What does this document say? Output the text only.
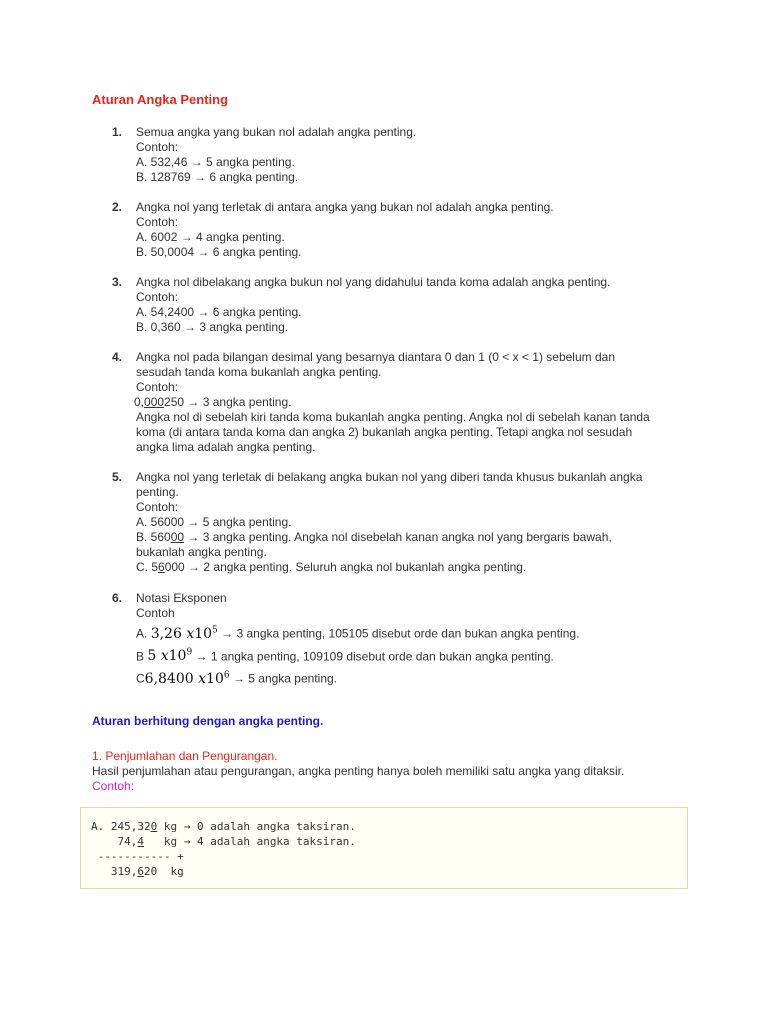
Aturan Angka Penting
1.	Semua angka yang bukan nol adalah angka penting.
Contoh:
A. 532,46 → 5 angka penting.
B. 128769 → 6 angka penting.
2.	Angka nol yang terletak di antara angka yang bukan nol adalah angka penting.
Contoh:
A. 6002 → 4 angka penting.
B. 50,0004 → 6 angka penting.
3.	Angka nol dibelakang angka bukun nol yang didahului tanda koma adalah angka penting.
Contoh:
A. 54,2400 → 6 angka penting.
B. 0,360 → 3 angka penting.
4.	Angka nol pada bilangan desimal yang besarnya diantara 0 dan 1 (0 < x < 1) sebelum dan
sesudah tanda koma bukanlah angka penting.
Contoh:
0,000250 → 3 angka penting.
Angka nol di sebelah kiri tanda koma bukanlah angka penting. Angka nol di sebelah kanan tanda
koma (di antara tanda koma dan angka 2) bukanlah angka penting. Tetapi angka nol sesudah
angka lima adalah angka penting.
5.	Angka nol yang terletak di belakang angka bukan nol yang diberi tanda khusus bukanlah angka
penting.
Contoh:
A. 56000 → 5 angka penting.
B. 56000 → 3 angka penting. Angka nol disebelah kanan angka nol yang bergaris bawah,
bukanlah angka penting.
C. 56000 → 2 angka penting. Seluruh angka nol bukanlah angka penting.
6.	Notasi Eksponen
Contoh
A. 3,26 $x10^5 \to 3$ angka penting, 105105 disebut orde dan bukan angka penting.
B 5 $x10^9 \to 1$ angka penting, 109109 disebut orde dan bukan angka penting.
C6,8400 $x10^6 \to 5$ angka penting.
Aturan berhitung dengan angka penting.
1. Penjumlahan dan Pengurangan.
Hasil penjumlahan atau pengurangan, angka penting hanya boleh memiliki satu angka yang ditaksir.
Contoh:
A. 245,320 kg → 0 adalah angka taksiran.
74,4   kg → 4 adalah angka taksiran.
----------- +
319,620  kg
